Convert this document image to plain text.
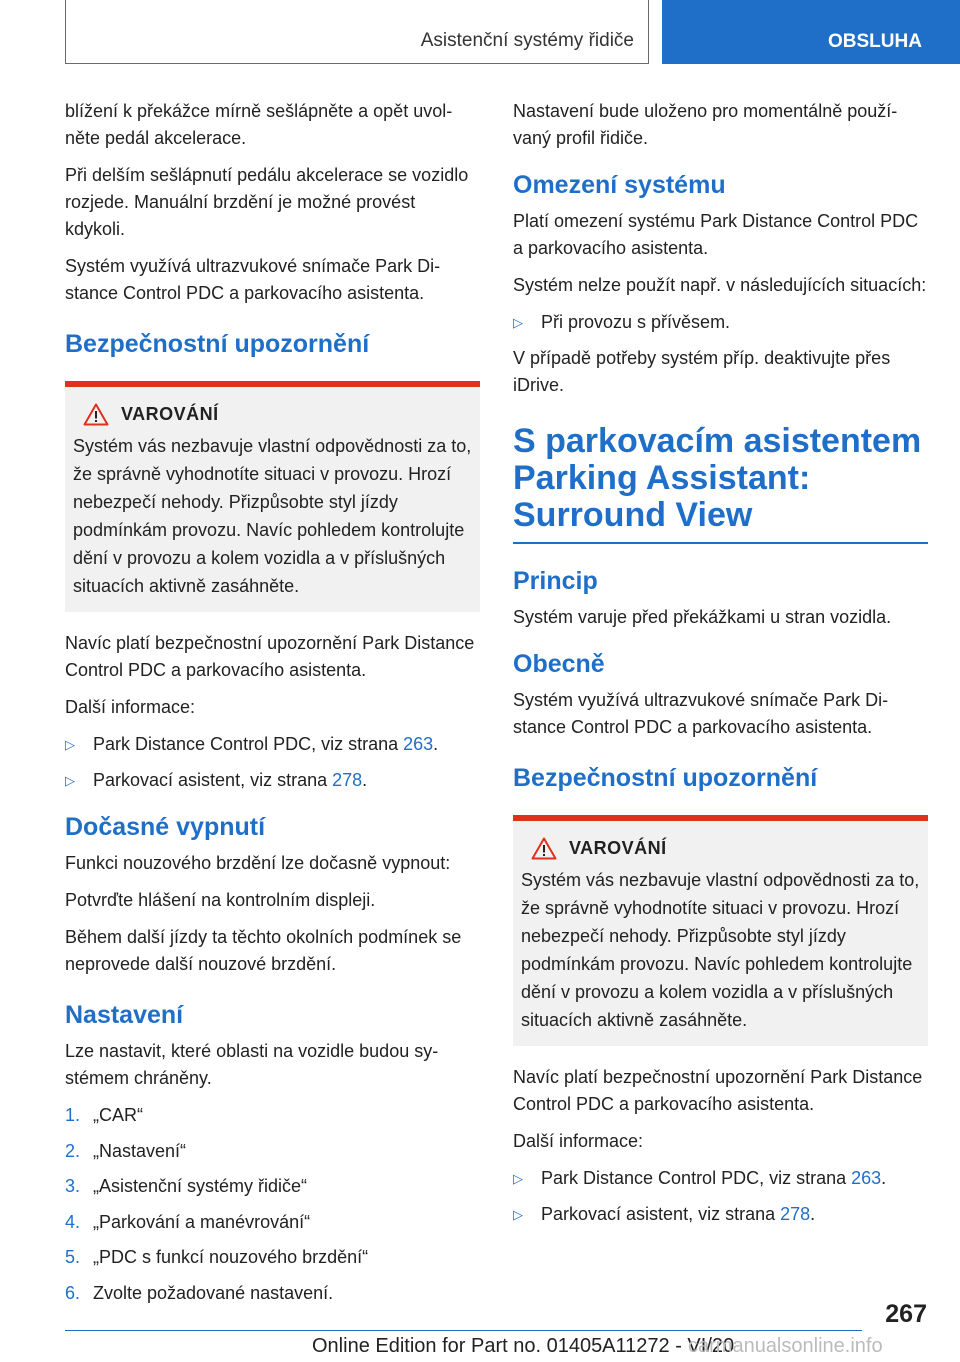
Asistenční systémy řidiče	OBSLUHA

blížení k překážce mírně sešlápněte a opět uvolněte pedál akcelerace.

Při delším sešlápnutí pedálu akcelerace se vozidlo rozjede. Manuální brzdění je možné provést kdykoli.

Systém využívá ultrazvukové snímače Park Distance Control PDC a parkovacího asistenta.

Bezpečnostní upozornění
VAROVÁNÍ

Systém vás nezbavuje vlastní odpovědnosti za to, že správně vyhodnotíte situaci v provozu. Hrozí nebezpečí nehody. Přizpůsobte styl jízdy podmínkám provozu. Navíc pohledem kontrolujte dění v provozu a kolem vozidla a v příslušných situacích aktivně zasáhněte.

Navíc platí bezpečnostní upozornění Park Distance Control PDC a parkovacího asistenta.

Další informace:

▷	Park Distance Control PDC, viz strana 263.
▷	Parkovací asistent, viz strana 278.
Dočasné vypnutí

Funkci nouzového brzdění lze dočasně vypnout:

Potvrďte hlášení na kontrolním displeji.

Během další jízdy ta těchto okolních podmínek se neprovede další nouzové brzdění.

Nastavení

Lze nastavit, které oblasti na vozidle budou systémem chráněny.

1. „CAR“
2. „Nastavení“
3. „Asistenční systémy řidiče“
4. „Parkování a manévrování“
5. „PDC s funkcí nouzového brzdění“
6. Zvolte požadované nastavení.

Nastavení bude uloženo pro momentálně používaný profil řidiče.

Omezení systému

Platí omezení systému Park Distance Control PDC a parkovacího asistenta.

Systém nelze použít např. v následujících situacích:

▷	Při provozu s přívěsem.

V případě potřeby systém příp. deaktivujte přes iDrive.

S parkovacím asistentem Parking Assistant: Surround View
Princip

Systém varuje před překážkami u stran vozidla.

Obecně

Systém využívá ultrazvukové snímače Park Distance Control PDC a parkovacího asistenta.

Bezpečnostní upozornění
VAROVÁNÍ

Systém vás nezbavuje vlastní odpovědnosti za to, že správně vyhodnotíte situaci v provozu. Hrozí nebezpečí nehody. Přizpůsobte styl jízdy podmínkám provozu. Navíc pohledem kontrolujte dění v provozu a kolem vozidla a v příslušných situacích aktivně zasáhněte.

Navíc platí bezpečnostní upozornění Park Distance Control PDC a parkovacího asistenta.

Další informace:

▷	Park Distance Control PDC, viz strana 263.
▷	Parkovací asistent, viz strana 278.
267
Online Edition for Part no. 01405A11272 - VI/20
carmanualsonline.info
